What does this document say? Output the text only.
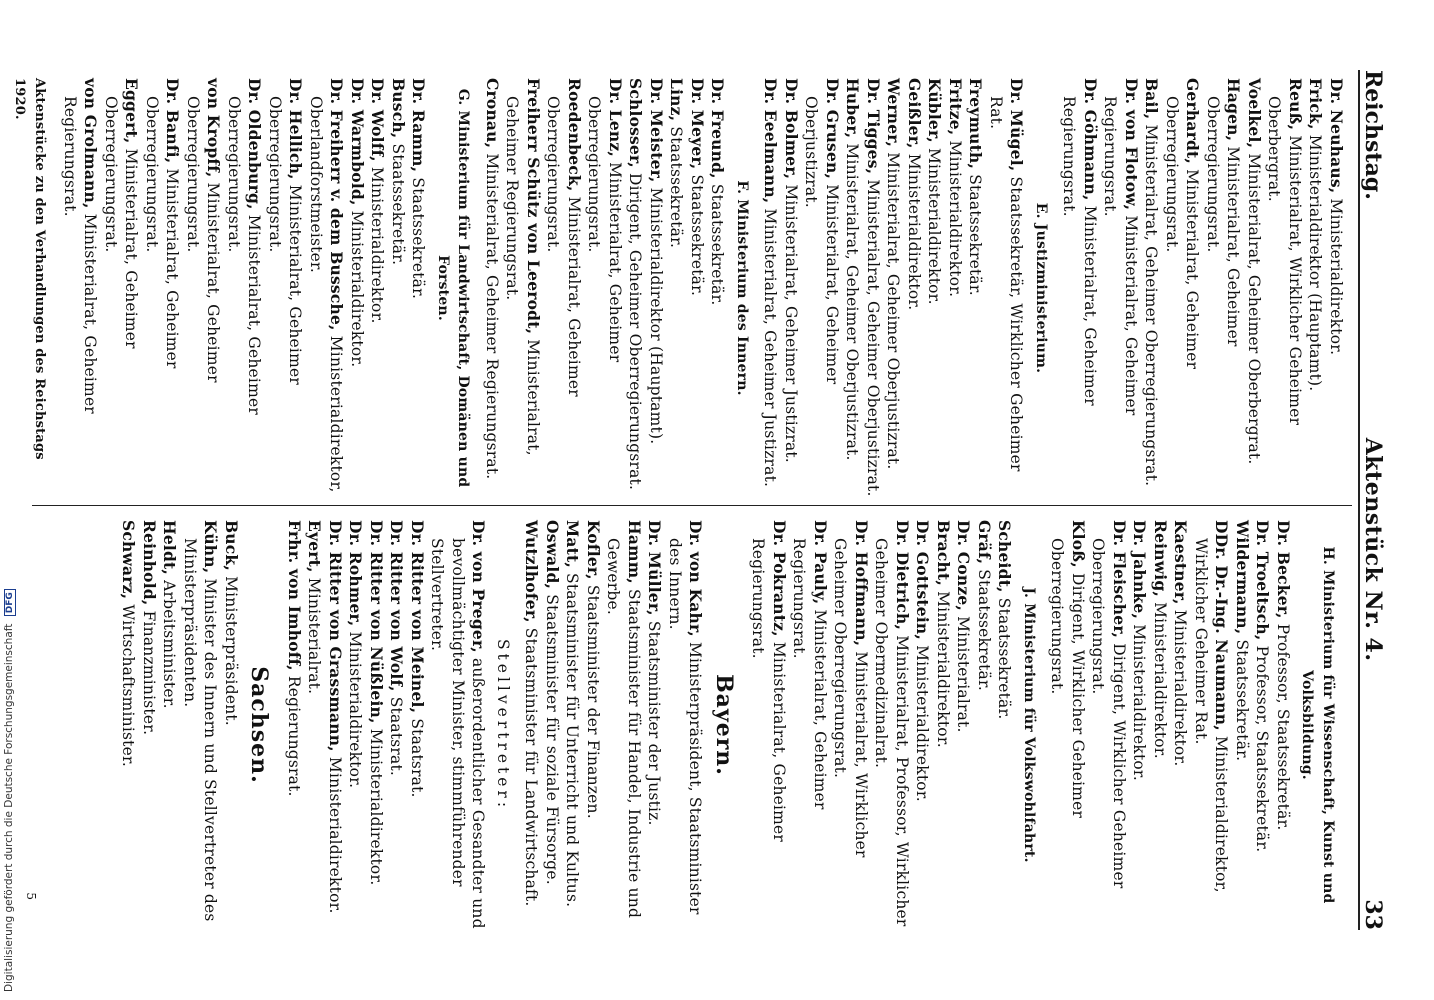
Reichstag.
Aktenstück Nr. 4.
33

Dr. Neuhaus, Ministerialdirektor.

Frick, Ministerialdirektor (Hauptamt).

Reuß, Ministerialrat, Wirklicher Geheimer Oberbergrat.

Voelkel, Ministerialrat, Geheimer Oberbergrat.

Hagen, Ministerialrat, Geheimer Oberregierungsrat.

Gerhardt, Ministerialrat, Geheimer Oberregierungsrat.

Bail, Ministerialrat, Geheimer Oberregierungsrat.

Dr. von Flotow, Ministerialrat, Geheimer Regierungsrat.

Dr. Göhmann, Ministerialrat, Geheimer Regierungsrat.

E. Justizministerium.

Dr. Mügel, Staatssekretär, Wirklicher Geheimer Rat.

Freymuth, Staatssekretär.

Fritze, Ministerialdirektor.

Kübler, Ministerialdirektor.

Geißler, Ministerialdirektor.

Werner, Ministerialrat, Geheimer Oberjustizrat.

Dr. Tigges, Ministerialrat, Geheimer Oberjustizrat.

Huber, Ministerialrat, Geheimer Oberjustizrat.

Dr. Grusen, Ministerialrat, Geheimer Oberjustizrat.

Dr. Bolmer, Ministerialrat, Geheimer Justizrat.

Dr. Eeelmann, Ministerialrat, Geheimer Justizrat.

F. Ministerium des Innern.

Dr. Freund, Staatssekretär.

Dr. Meyer, Staatssekretär.

Linz, Staatssekretär.

Dr. Meister, Ministerialdirektor (Hauptamt).

Schlosser, Dirigent, Geheimer Oberregierungsrat.

Dr. Lenz, Ministerialrat, Geheimer Oberregierungsrat.

Roedenbeck, Ministerialrat, Geheimer Oberregierungsrat.

Freiherr Schütz von Leerodt, Ministerialrat, Geheimer Regierungsrat.

Cronau, Ministerialrat, Geheimer Regierungsrat.

G. Ministerium für Landwirtschaft, Domänen und Forsten.

Dr. Ramm, Staatssekretär.

Busch, Staatssekretär.

Dr. Wolff, Ministerialdirektor.

Dr. Warmbold, Ministerialdirektor.

Dr. Freiherr v. dem Bussche, Ministerialdirektor, Oberlandforstmeister.

Dr. Hellich, Ministerialrat, Geheimer Oberregierungsrat.

Dr. Oldenburg, Ministerialrat, Geheimer Oberregierungsrat.

von Kropff, Ministerialrat, Geheimer Oberregierungsrat.

Dr. Banfi, Ministerialrat, Geheimer Oberregierungsrat.

Eggert, Ministerialrat, Geheimer Oberregierungsrat.

von Grolmann, Ministerialrat, Geheimer Regierungsrat.

Aktenstücke zu den Verhandlungen des Reichstags 1920.
H. Ministerium für Wissenschaft, Kunst und Volksbildung.

Dr. Becker, Professor, Staatssekretär.

Dr. Troeltsch, Professor, Staatssekretär.

Wildermann, Staatssekretär.

DDr. Dr.-Ing. Naumann, Ministerialdirektor, Wirklicher Geheimer Rat.

Kaestner, Ministerialdirektor.

Reinwig, Ministerialdirektor.

Dr. Jahnke, Ministerialdirektor.

Dr. Fleischer, Dirigent, Wirklicher Geheimer Oberregierungsrat.

Kloß, Dirigent, Wirklicher Geheimer Oberregierungsrat.

J. Ministerium für Volkswohlfahrt.

Scheidt, Staatssekretär.

Gräf, Staatssekretär.

Dr. Conze, Ministerialrat.

Bracht, Ministerialdirektor.

Dr. Gottstein, Ministerialdirektor.

Dr. Dietrich, Ministerialrat, Professor, Wirklicher Geheimer Obermedizinalrat.

Dr. Hoffmann, Ministerialrat, Wirklicher Geheimer Oberregierungsrat.

Dr. Pauly, Ministerialrat, Geheimer Regierungsrat.

Dr. Pokrantz, Ministerialrat, Geheimer Regierungsrat.

Bayern.

Dr. von Kahr, Ministerpräsident, Staatsminister des Innern.

Dr. Müller, Staatsminister der Justiz.

Hamm, Staatsminister für Handel, Industrie und Gewerbe.

Kofler, Staatsminister der Finanzen.

Matt, Staatsminister für Unterricht und Kultus.

Oswald, Staatsminister für soziale Fürsorge.

Wutzlhofer, Staatsminister für Landwirtschaft.

Stellvertreter:

Dr. von Preger, außerordentlicher Gesandter und bevollmächtigter Minister, stimmführender Stellvertreter.

Dr. Ritter von Meinel, Staatsrat.

Dr. Ritter von Wolf, Staatsrat.

Dr. Ritter von Nüßlein, Ministerialdirektor.

Dr. Rohmer, Ministerialdirektor.

Dr. Ritter von Grassmann, Ministerialdirektor.

Eyert, Ministerialrat.

Frhr. von Imhoff, Regierungsrat.

Sachsen.

Buck, Ministerpräsident.

Kühn, Minister des Innern und Stellvertreter des Ministerpräsidenten.

Heldt, Arbeitsminister.

Reinhold, Finanzminister.

Schwarz, Wirtschaftsminister.

5
Digitalisierung gefördert durch die Deutsche Forschungsgemeinschaft DFG
